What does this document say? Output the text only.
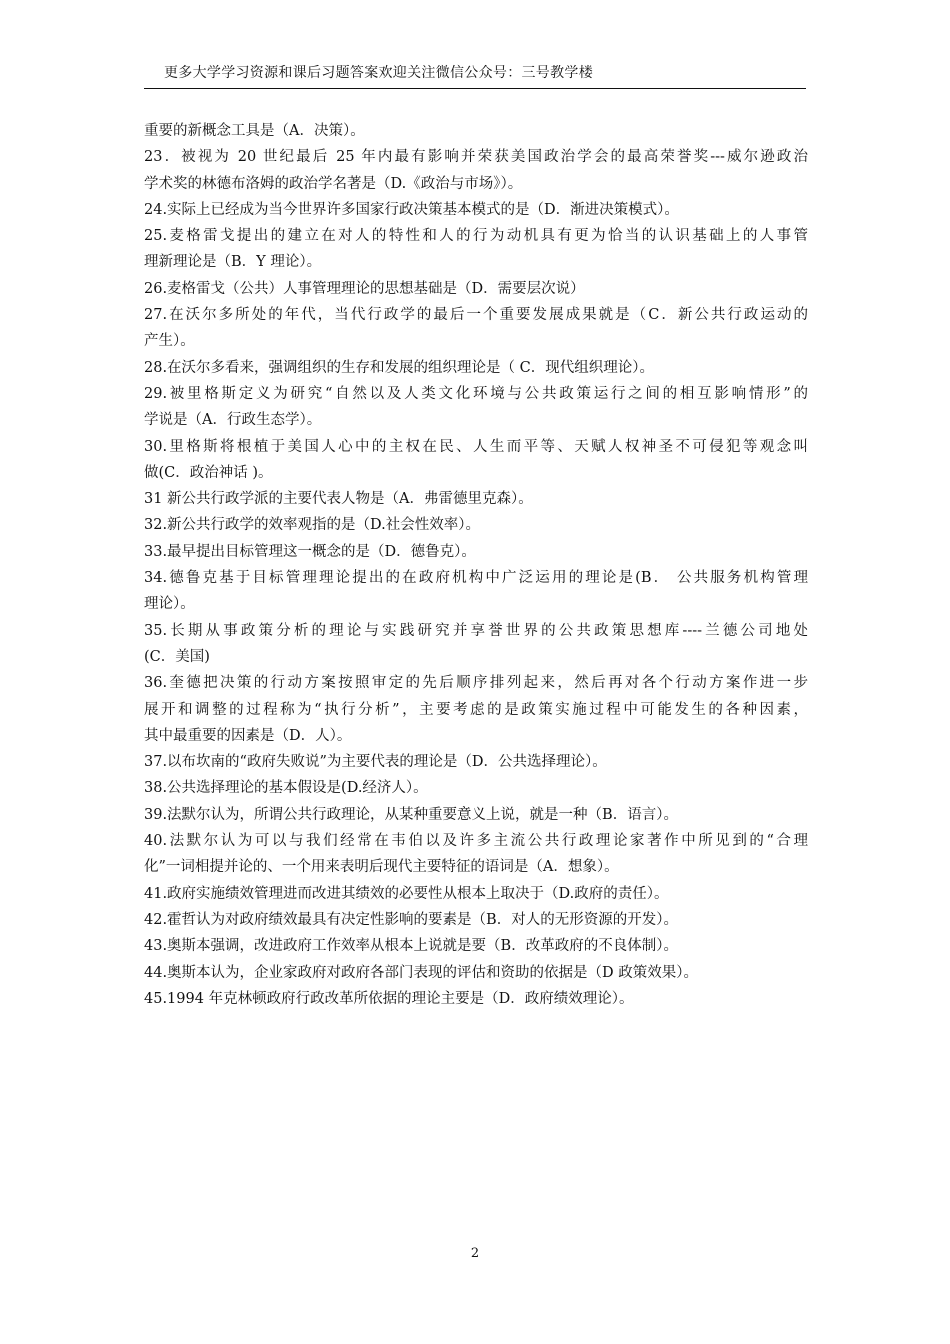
更多大学学习资源和课后习题答案欢迎关注微信公众号：三号教学楼
重要的新概念工具是（A．决策）。
23．被视为 20 世纪最后 25 年内最有影响并荣获美国政治学会的最高荣誉奖---威尔逊政治
学术奖的林德布洛姆的政治学名著是（D.《政治与市场》）。
24.实际上已经成为当今世界许多国家行政决策基本模式的是（D．渐进决策模式）。
25.麦格雷戈提出的建立在对人的特性和人的行为动机具有更为恰当的认识基础上的人事管
理新理论是（B．Y 理论）。
26.麦格雷戈（公共）人事管理理论的思想基础是（D．需要层次说）
27.在沃尔多所处的年代，当代行政学的最后一个重要发展成果就是（C．新公共行政运动的
产生）。
28.在沃尔多看来，强调组织的生存和发展的组织理论是（ C．现代组织理论）。
29.被里格斯定义为研究“自然以及人类文化环境与公共政策运行之间的相互影响情形”的
学说是（A．行政生态学）。
30.里格斯将根植于美国人心中的主权在民、人生而平等、天赋人权神圣不可侵犯等观念叫
做(C．政治神话 )。
31 新公共行政学派的主要代表人物是（A．弗雷德里克森）。
32.新公共行政学的效率观指的是（D.社会性效率）。
33.最早提出目标管理这一概念的是（D．德鲁克）。
34.德鲁克基于目标管理理论提出的在政府机构中广泛运用的理论是(B． 公共服务机构管理
理论）。
35.长期从事政策分析的理论与实践研究并享誉世界的公共政策思想库----兰德公司地处
(C．美国)
36.奎德把决策的行动方案按照审定的先后顺序排列起来，然后再对各个行动方案作进一步
展开和调整的过程称为“执行分析”，主要考虑的是政策实施过程中可能发生的各种因素，
其中最重要的因素是（D．人）。
37.以布坎南的“政府失败说”为主要代表的理论是（D．公共选择理论）。
38.公共选择理论的基本假设是(D.经济人）。
39.法默尔认为，所谓公共行政理论，从某种重要意义上说，就是一种（B．语言）。
40.法默尔认为可以与我们经常在韦伯以及许多主流公共行政理论家著作中所见到的“合理
化”一词相提并论的、一个用来表明后现代主要特征的语词是（A．想象）。
41.政府实施绩效管理进而改进其绩效的必要性从根本上取决于（D.政府的责任）。
42.霍哲认为对政府绩效最具有决定性影响的要素是（B．对人的无形资源的开发）。
43.奥斯本强调，改进政府工作效率从根本上说就是要（B．改革政府的不良体制）。
44.奥斯本认为，企业家政府对政府各部门表现的评估和资助的依据是（D 政策效果）。
45.1994 年克林顿政府行政改革所依据的理论主要是（D．政府绩效理论）。
2
